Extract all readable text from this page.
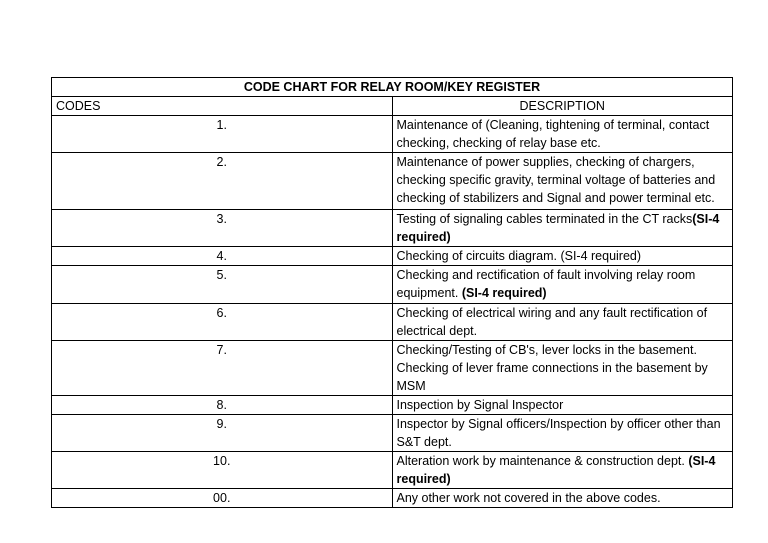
CODE CHART FOR RELAY ROOM/KEY REGISTER	
CODES	DESCRIPTION
1.	Maintenance of (Cleaning, tightening of terminal, contact checking, checking of relay base etc.
2.	Maintenance of power supplies, checking of chargers, checking specific gravity, terminal voltage of batteries and checking of stabilizers and Signal and power terminal etc.
3.	Testing of signaling cables terminated in the CT racks(SI-4 required)
4.	Checking of circuits diagram. (SI-4 required)
5.	Checking and rectification of fault involving relay room equipment. (SI-4 required)
6.	Checking of electrical wiring and any fault rectification of electrical dept.
7.	Checking/Testing of CB's, lever locks in the basement. Checking of lever frame connections in the basement by MSM
8.	Inspection by Signal Inspector
9.	Inspector by Signal officers/Inspection by officer other than S&T dept.
10.	Alteration work by maintenance & construction dept. (SI-4 required)
00.	Any other work not covered in the above codes.
